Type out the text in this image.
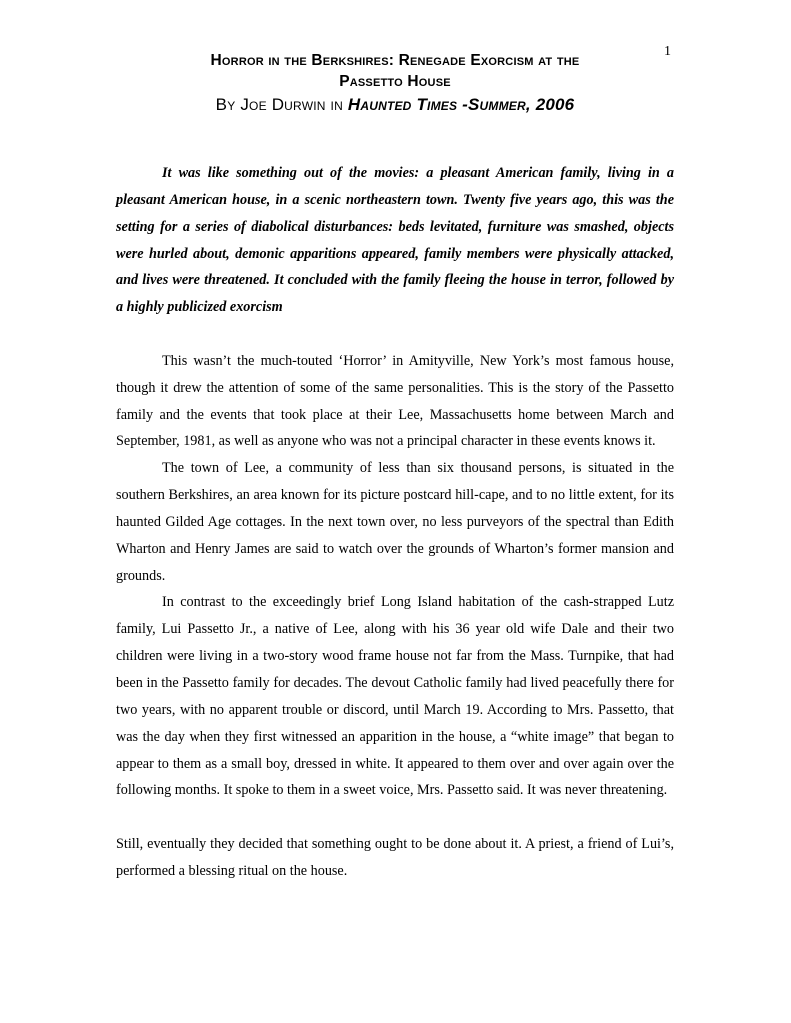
1
Horror in the Berkshires: Renegade Exorcism at the
Passetto House
By Joe Durwin in Haunted Times -Summer, 2006

It was like something out of the movies: a pleasant American family, living in a pleasant American house, in a scenic northeastern town. Twenty five years ago, this was the setting for a series of diabolical disturbances: beds levitated, furniture was smashed, objects were hurled about, demonic apparitions appeared, family members were physically attacked, and lives were threatened. It concluded with the family fleeing the house in terror, followed by a highly publicized exorcism

This wasn’t the much-touted ‘Horror’ in Amityville, New York’s most famous house, though it drew the attention of some of the same personalities. This is the story of the Passetto family and the events that took place at their Lee, Massachusetts home between March and September, 1981, as well as anyone who was not a principal character in these events knows it.

The town of Lee, a community of less than six thousand persons, is situated in the southern Berkshires, an area known for its picture postcard hill-cape, and to no little extent, for its haunted Gilded Age cottages. In the next town over, no less purveyors of the spectral than Edith Wharton and Henry James are said to watch over the grounds of Wharton’s former mansion and grounds.

In contrast to the exceedingly brief Long Island habitation of the cash-strapped Lutz family, Lui Passetto Jr., a native of Lee, along with his 36 year old wife Dale and their two children were living in a two-story wood frame house not far from the Mass. Turnpike, that had been in the Passetto family for decades. The devout Catholic family had lived peacefully there for two years, with no apparent trouble or discord, until March 19. According to Mrs. Passetto, that was the day when they first witnessed an apparition in the house, a “white image” that began to appear to them as a small boy, dressed in white. It appeared to them over and over again over the following months. It spoke to them in a sweet voice, Mrs. Passetto said. It was never threatening.

Still, eventually they decided that something ought to be done about it. A priest, a friend of Lui’s, performed a blessing ritual on the house.
